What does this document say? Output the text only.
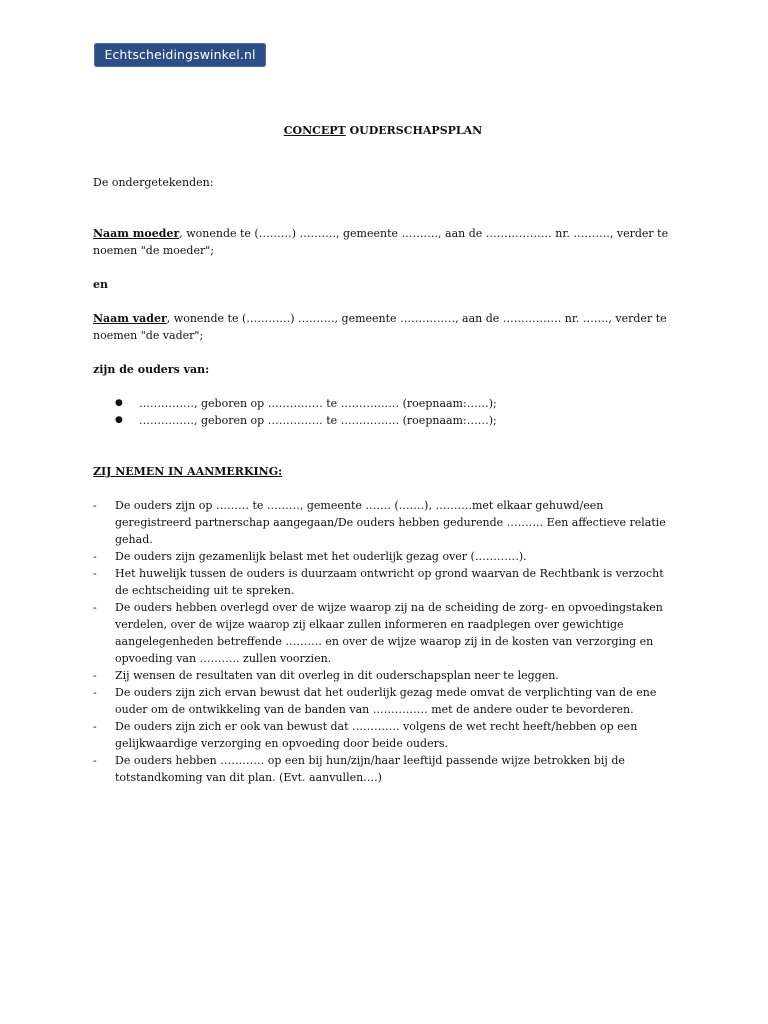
Echtscheidingswinkel.nl
CONCEPT OUDERSCHAPSPLAN
De ondergetekenden:
Naam moeder, wonende te (………) ………., gemeente ………., aan de ……………… nr. ………., verder te noemen "de moeder";
en
Naam vader, wonende te (…………) ………., gemeente ……………, aan de ……………. nr. ……., verder te noemen "de vader";
zijn de ouders van:
●	……………, geboren op …………… te ……………. (roepnaam:……);
●	……………, geboren op …………… te ……………. (roepnaam:……);
ZIJ NEMEN IN AANMERKING:
-	De ouders zijn op ……… te ………, gemeente ……. (…….), ……….met elkaar gehuwd/een geregistreerd partnerschap aangegaan/De ouders hebben gedurende ………. Een affectieve relatie gehad.
-	De ouders zijn gezamenlijk belast met het ouderlijk gezag over (…………).
-	Het huwelijk tussen de ouders is duurzaam ontwricht op grond waarvan de Rechtbank is verzocht de echtscheiding uit te spreken.
-	De ouders hebben overlegd over de wijze waarop zij na de scheiding de zorg- en opvoedingstaken verdelen, over de wijze waarop zij elkaar zullen informeren en raadplegen over gewichtige aangelegenheden betreffende ………. en over de wijze waarop zij in de kosten van verzorging en opvoeding van ……….. zullen voorzien.
-	Zij wensen de resultaten van dit overleg in dit ouderschapsplan neer te leggen.
-	De ouders zijn zich ervan bewust dat het ouderlijk gezag mede omvat de verplichting van de ene ouder om de ontwikkeling van de banden van …………… met de andere ouder te bevorderen.
-	De ouders zijn zich er ook van bewust dat …………. volgens de wet recht heeft/hebben op een gelijkwaardige verzorging en opvoeding door beide ouders.
-	De ouders hebben ………… op een bij hun/zijn/haar leeftijd passende wijze betrokken bij de totstandkoming van dit plan. (Evt. aanvullen….)
